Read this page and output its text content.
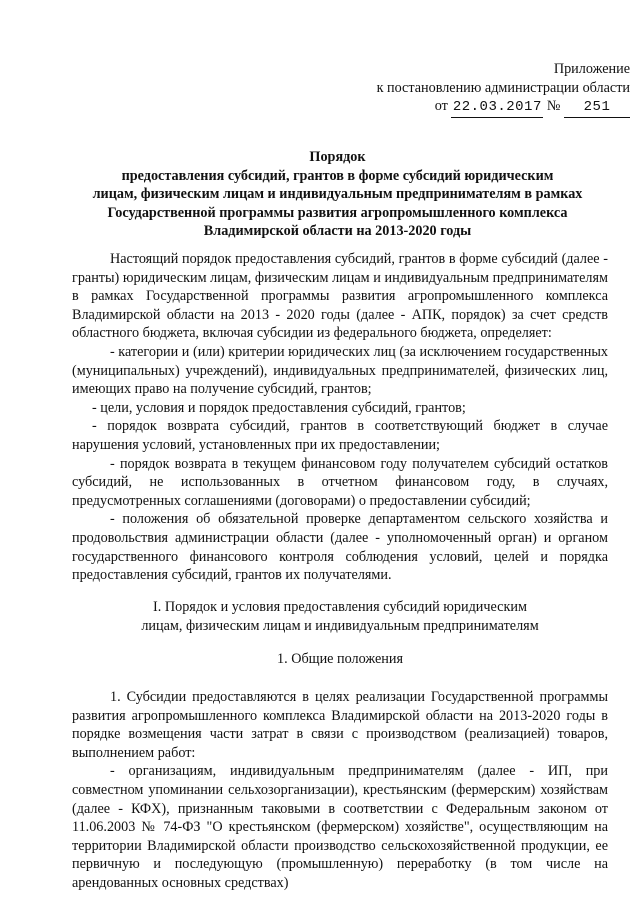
Приложение
к постановлению администрации области
от 22.03.2017 № 251
Порядок
предоставления субсидий, грантов в форме субсидий юридическим
лицам, физическим лицам и индивидуальным предпринимателям в рамках
Государственной программы развития агропромышленного комплекса
Владимирской области на 2013-2020 годы

Настоящий порядок предоставления субсидий, грантов в форме субсидий (далее - гранты) юридическим лицам, физическим лицам и индивидуальным предпринимателям в рамках Государственной программы развития агропромышленного комплекса Владимирской области на 2013 - 2020 годы (далее - АПК, порядок) за счет средств областного бюджета, включая субсидии из федерального бюджета, определяет:

- категории и (или) критерии юридических лиц (за исключением государственных (муниципальных) учреждений), индивидуальных предпринимателей, физических лиц, имеющих право на получение субсидий, грантов;

- цели, условия и порядок предоставления субсидий, грантов;

- порядок возврата субсидий, грантов в соответствующий бюджет в случае нарушения условий, установленных при их предоставлении;

- порядок возврата в текущем финансовом году получателем субсидий остатков субсидий, не использованных в отчетном финансовом году, в случаях, предусмотренных соглашениями (договорами) о предоставлении субсидий;

- положения об обязательной проверке департаментом сельского хозяйства и продовольствия администрации области (далее - уполномоченный орган) и органом государственного финансового контроля соблюдения условий, целей и порядка предоставления субсидий, грантов их получателями.

I. Порядок и условия предоставления субсидий юридическим
лицам, физическим лицам и индивидуальным предпринимателям
1. Общие положения

1. Субсидии предоставляются в целях реализации Государственной программы развития агропромышленного комплекса Владимирской области на 2013-2020 годы в порядке возмещения части затрат в связи с производством (реализацией) товаров, выполнением работ:

- организациям, индивидуальным предпринимателям (далее - ИП, при совместном упоминании сельхозорганизации), крестьянским (фермерским) хозяйствам (далее - КФХ), признанным таковыми в соответствии с Федеральным законом от 11.06.2003 № 74-ФЗ "О крестьянском (фермерском) хозяйстве", осуществляющим на территории Владимирской области производство сельскохозяйственной продукции, ее первичную и последующую (промышленную) переработку (в том числе на арендованных основных средствах)
